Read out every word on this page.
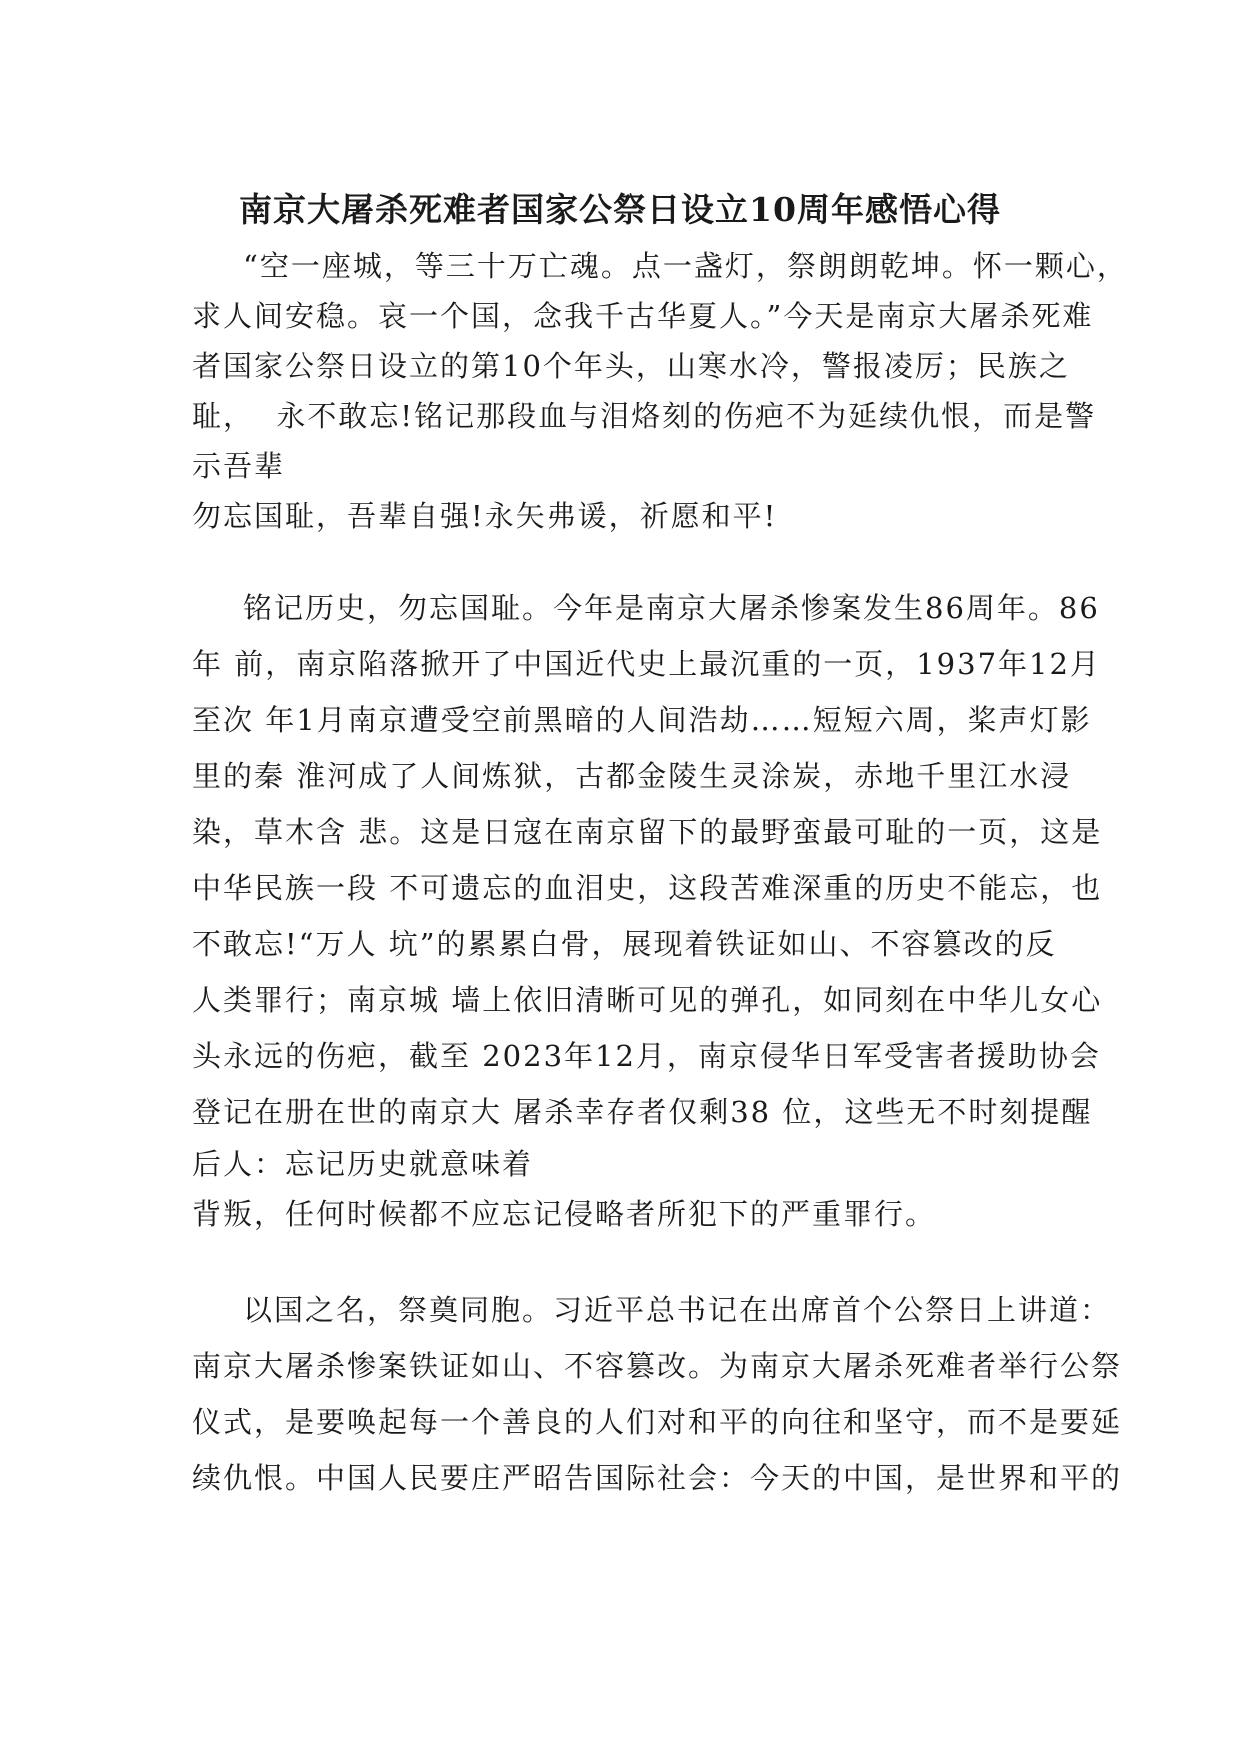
南京大屠杀死难者国家公祭日设立10周年感悟心得

“空一座城，等三十万亡魂。点一盏灯，祭朗朗乾坤。怀一颗心，

求人间安稳。哀一个国，念我千古华夏人。”今天是南京大屠杀死难

者国家公祭日设立的第10个年头，山寒水冷，警报凌厉；民族之

耻，  永不敢忘!铭记那段血与泪烙刻的伤疤不为延续仇恨，而是警

示吾辈

勿忘国耻，吾辈自强!永矢弗谖，祈愿和平!

铭记历史，勿忘国耻。今年是南京大屠杀惨案发生86周年。86

年 前，南京陷落掀开了中国近代史上最沉重的一页，1937年12月

至次 年1月南京遭受空前黑暗的人间浩劫……短短六周，桨声灯影

里的秦 淮河成了人间炼狱，古都金陵生灵涂炭，赤地千里江水浸

染，草木含 悲。这是日寇在南京留下的最野蛮最可耻的一页，这是

中华民族一段 不可遗忘的血泪史，这段苦难深重的历史不能忘，也

不敢忘!“万人 坑”的累累白骨，展现着铁证如山、不容篡改的反

人类罪行；南京城 墙上依旧清晰可见的弹孔，如同刻在中华儿女心

头永远的伤疤，截至 2023年12月，南京侵华日军受害者援助协会

登记在册在世的南京大 屠杀幸存者仅剩38 位，这些无不时刻提醒

后人：忘记历史就意味着

背叛，任何时候都不应忘记侵略者所犯下的严重罪行。

以国之名，祭奠同胞。习近平总书记在出席首个公祭日上讲道：

南京大屠杀惨案铁证如山、不容篡改。为南京大屠杀死难者举行公祭

仪式，是要唤起每一个善良的人们对和平的向往和坚守，而不是要延

续仇恨。中国人民要庄严昭告国际社会：今天的中国，是世界和平的
